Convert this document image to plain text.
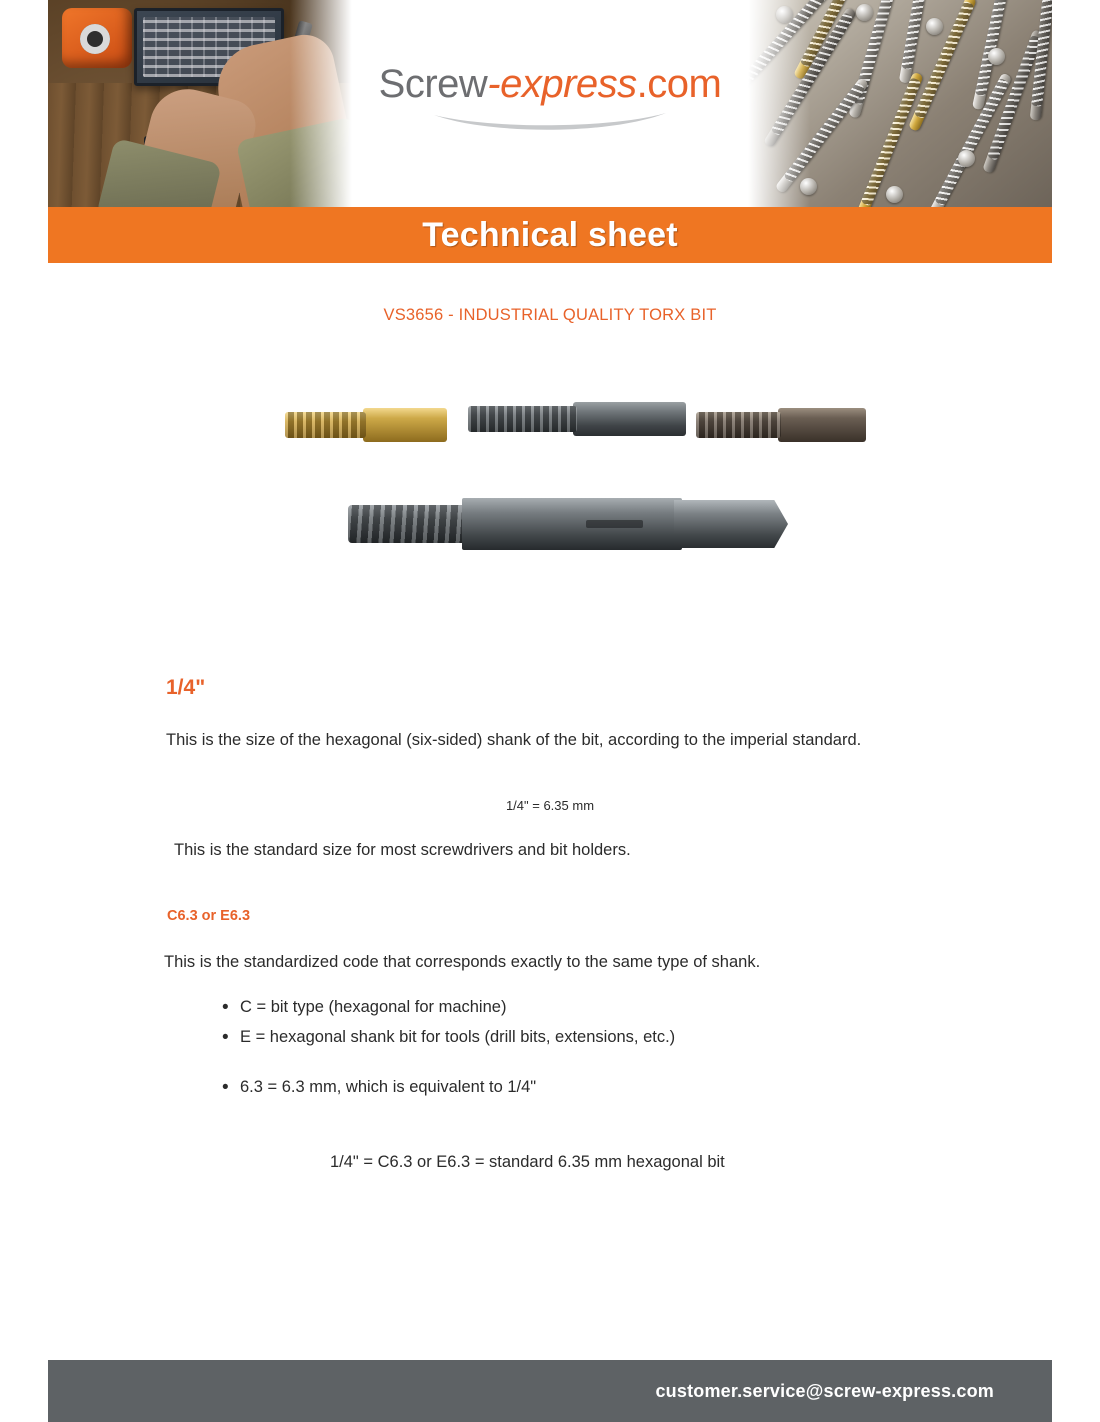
Screw-express.com
Technical sheet
VS3656 - INDUSTRIAL QUALITY TORX BIT
1/4"
This is the size of the hexagonal (six-sided) shank of the bit, according to the imperial standard.
1/4" = 6.35 mm
This is the standard size for most screwdrivers and bit holders.
C6.3 or E6.3
This is the standardized code that corresponds exactly to the same type of shank.
• C = bit type (hexagonal for machine)
• E = hexagonal shank bit for tools (drill bits, extensions, etc.)
• 6.3 = 6.3 mm, which is equivalent to 1/4"
1/4" = C6.3 or E6.3 = standard 6.35 mm hexagonal bit
customer.service@screw-express.com
